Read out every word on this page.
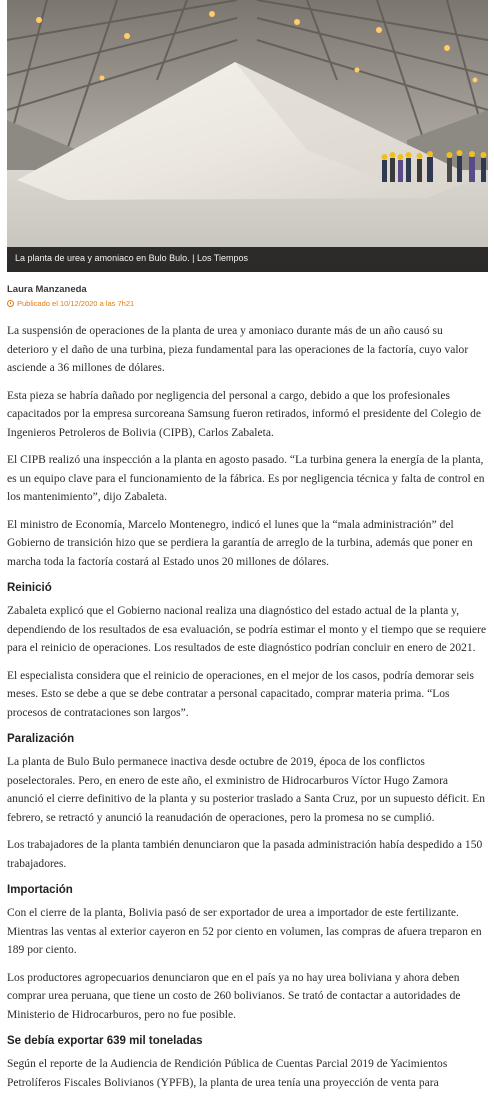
La planta de urea y amoniaco en Bulo Bulo. | Los Tiempos
Laura Manzaneda
Publicado el 10/12/2020 a las 7h21

La suspensión de operaciones de la planta de urea y amoniaco durante más de un año causó su deterioro y el daño de una turbina, pieza fundamental para las operaciones de la factoría, cuyo valor asciende a 36 millones de dólares.

Esta pieza se habría dañado por negligencia del personal a cargo, debido a que los profesionales capacitados por la empresa surcoreana Samsung fueron retirados, informó el presidente del Colegio de Ingenieros Petroleros de Bolivia (CIPB), Carlos Zabaleta.

El CIPB realizó una inspección a la planta en agosto pasado. “La turbina genera la energía de la planta, es un equipo clave para el funcionamiento de la fábrica. Es por negligencia técnica y falta de control en los mantenimiento”, dijo Zabaleta.

El ministro de Economía, Marcelo Montenegro, indicó el lunes que la “mala administración” del Gobierno de transición hizo que se perdiera la garantía de arreglo de la turbina, además que poner en marcha toda la factoría costará al Estado unos 20 millones de dólares.

Reinició

Zabaleta explicó que el Gobierno nacional realiza una diagnóstico del estado actual de la planta y, dependiendo de los resultados de esa evaluación, se podría estimar el monto y el tiempo que se requiere para el reinicio de operaciones. Los resultados de este diagnóstico podrían concluir en enero de 2021.

El especialista considera que el reinicio de operaciones, en el mejor de los casos, podría demorar seis meses. Esto se debe a que se debe contratar a personal capacitado, comprar materia prima. “Los procesos de contrataciones son largos”.

Paralización

La planta de Bulo Bulo permanece inactiva desde octubre de 2019, época de los conflictos poselectorales. Pero, en enero de este año, el exministro de Hidrocarburos Víctor Hugo Zamora anunció el cierre definitivo de la planta y su posterior traslado a Santa Cruz, por un supuesto déficit. En febrero, se retractó y anunció la reanudación de operaciones, pero la promesa no se cumplió.

Los trabajadores de la planta también denunciaron que la pasada administración había despedido a 150 trabajadores.

Importación

Con el cierre de la planta, Bolivia pasó de ser exportador de urea a importador de este fertilizante. Mientras las ventas al exterior cayeron en 52 por ciento en volumen, las compras de afuera treparon en 189 por ciento.

Los productores agropecuarios denunciaron que en el país ya no hay urea boliviana y ahora deben comprar urea peruana, que tiene un costo de 260 bolivianos. Se trató de contactar a autoridades de Ministerio de Hidrocarburos, pero no fue posible.

Se debía exportar 639 mil toneladas

Según el reporte de la Audiencia de Rendición Pública de Cuentas Parcial 2019 de Yacimientos Petrolíferos Fiscales Bolivianos (YPFB), la planta de urea tenía una proyección de venta para
